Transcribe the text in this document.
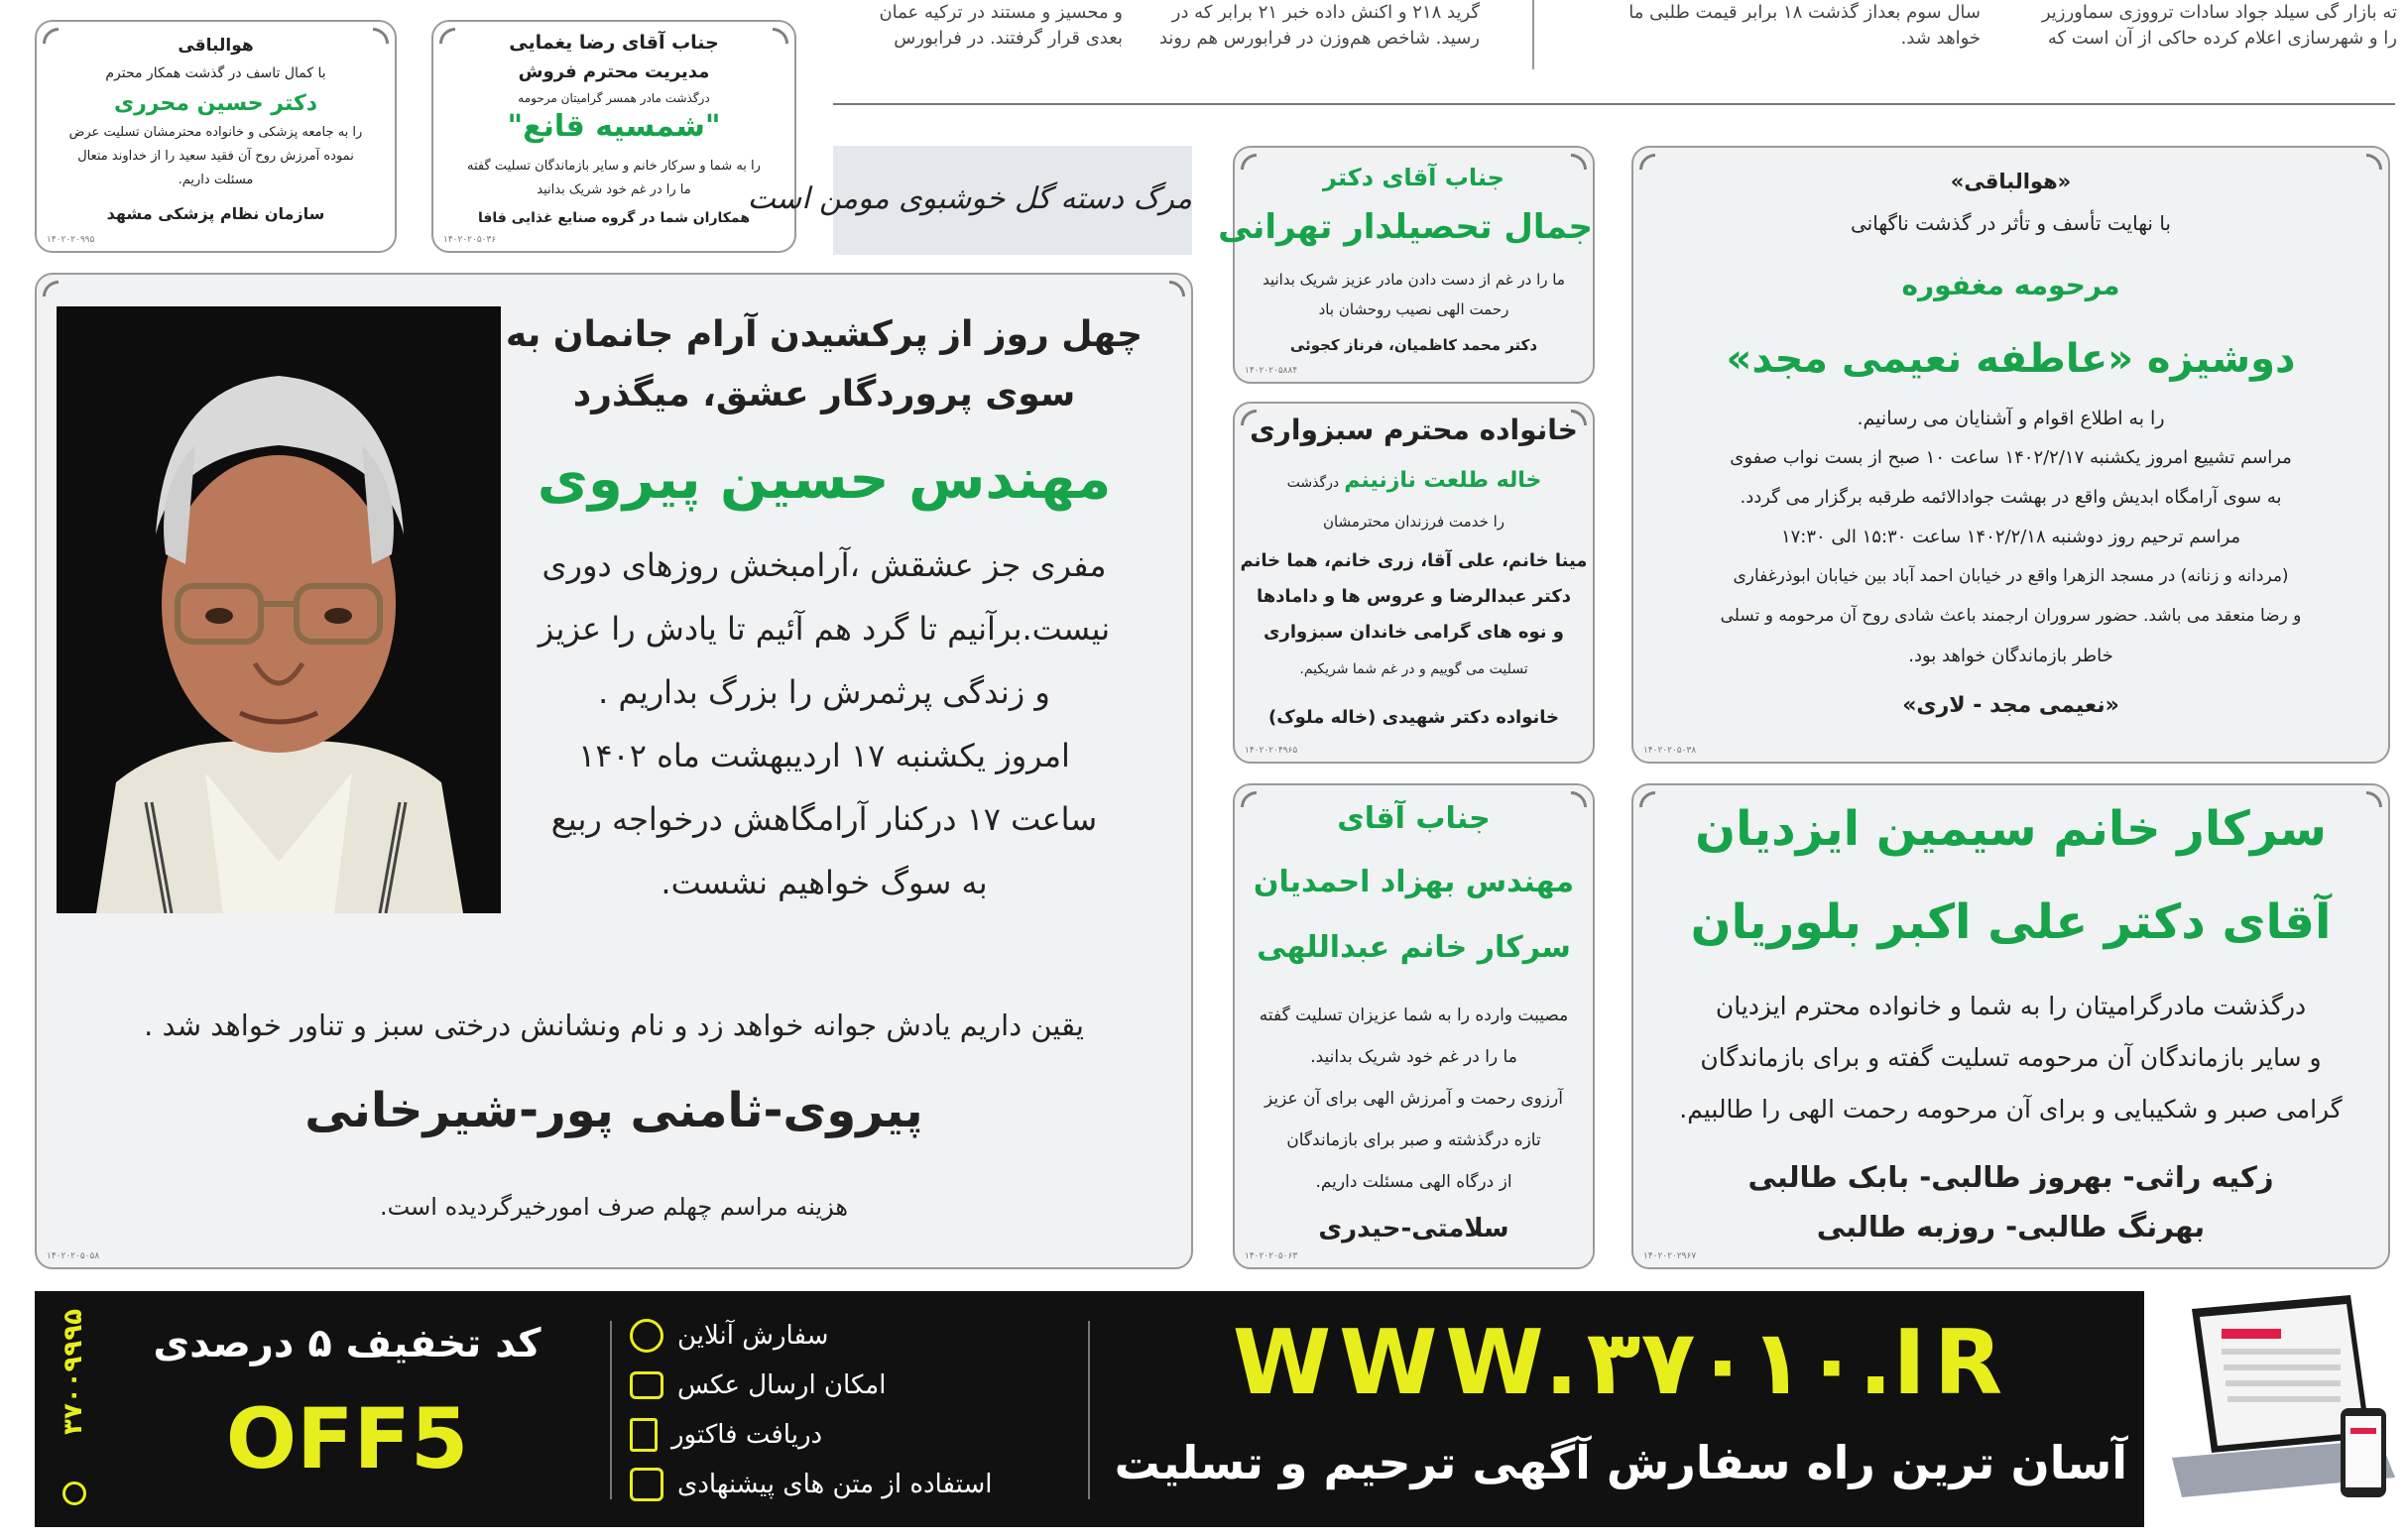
ته بازار گی سیلد جواد سادات ترووزی سماورزیر
را و شهرسازی اعلام کرده حاکی از آن است که
سال سوم بعداز گذشت ۱۸ برابر قیمت طلبی ما
خواهد شد.
گرید ۲۱۸ و اکنش داده خبر ۲۱ برابر که در
رسید. شاخص هم‌وزن در فرابورس هم روند
و محسیز و مستند در ترکیه عمان
بعدی قرار گرفتند. در فرابورس
هوالباقی
با کمال تاسف در گذشت همکار محترم
دکتر حسین محرری
را به جامعه پزشکی و خانواده محترمشان تسلیت عرض
نموده آمرزش روح آن فقید سعید را از خداوند متعال
مسئلت داریم.
سازمان نظام پزشکی مشهد
۱۴۰۲۰۲۰۹۹۵
جناب آقای رضا یغمایی
مدیریت محترم فروش
درگذشت مادر همسر گرامیتان مرحومه
"شمسیه قانع"
را به شما و سرکار خانم و سایر بازماندگان تسلیت گفته
ما را در غم خود شریک بدانید
همکاران شما در گروه صنایع غذایی فافا
۱۴۰۲۰۲۰۵۰۳۶
مرگ دسته گل خوشبوی مومن است
جناب آقای دکتر
جمال تحصیلدار تهرانی
ما را در غم از دست دادن مادر عزیز شریک بدانید
رحمت الهی نصیب روحشان باد
دکتر محمد کاظمیان، فرناز کجوئی
۱۴۰۲۰۲۰۵۸۸۴
خانواده محترم سبزواری
خاله طلعت نازنینم درگذشت
را خدمت فرزندان محترمشان
مینا خانم، علی آقا، زری خانم، هما خانم
دکتر عبدالرضا و عروس ها و دامادها
و نوه های گرامی خاندان سبزواری
تسلیت می گوییم و در غم شما شریکیم.
خانواده دکتر شهیدی (خاله ملوک)
۱۴۰۲۰۲۰۴۹۶۵
«هوالباقی»
با نهایت تأسف و تأثر در گذشت ناگهانی
مرحومه مغفوره
دوشیزه «عاطفه نعیمی مجد»
را به اطلاع اقوام و آشنایان می رسانیم.
مراسم تشییع امروز یکشنبه ۱۴۰۲/۲/۱۷ ساعت ۱۰ صبح از بست نواب صفوی
به سوی آرامگاه ابدیش واقع در بهشت جوادالائمه طرقبه برگزار می گردد.
مراسم ترحیم روز دوشنبه ۱۴۰۲/۲/۱۸ ساعت ۱۵:۳۰ الی ۱۷:۳۰
(مردانه و زنانه) در مسجد الزهرا واقع در خیابان احمد آباد بین خیابان ابوذرغفاری
و رضا منعقد می باشد. حضور سروران ارجمند باعث شادی روح آن مرحومه و تسلی
خاطر بازماندگان خواهد بود.
«نعیمی مجد - لاری»
۱۴۰۲۰۲۰۵۰۳۸
چهل روز از پرکشیدن آرام جانمان به
سوی پروردگار عشق، میگذرد
مهندس حسین پیروی
مفری جز عشقش ،آرامبخش روزهای دوری
نیست.برآنیم تا گرد هم آئیم تا یادش را عزیز
و زندگی پرثمرش را بزرگ بداریم .
امروز یکشنبه ۱۷ اردیبهشت ماه ۱۴۰۲
ساعت ۱۷ درکنار آرامگاهش درخواجه ربیع
به سوگ خواهیم نشست.
یقین داریم یادش جوانه خواهد زد و نام ونشانش درختی سبز و تناور خواهد شد .
پیروی-ثامنی پور-شیرخانی
هزینه مراسم چهلم صرف امورخیرگردیده است.
۱۴۰۲۰۲۰۵۰۵۸
جناب آقای
مهندس بهزاد احمدیان
سرکار خانم عبداللهی
مصیبت وارده را به شما عزیزان تسلیت گفته
ما را در غم خود شریک بدانید.
آرزوی رحمت و آمرزش الهی برای آن عزیز
تازه درگذشته و صبر برای بازماندگان
از درگاه الهی مسئلت داریم.
سلامتی-حیدری
۱۴۰۲۰۲۰۵۰۶۳
سرکار خانم سیمین ایزدیان
آقای دکتر علی اکبر بلوریان
درگذشت مادرگرامیتان را به شما و خانواده محترم ایزدیان
و سایر بازماندگان آن مرحومه تسلیت گفته و برای بازماندگان
گرامی صبر و شکیبایی و برای آن مرحومه رحمت الهی را طالبیم.
زکیه راثی- بهروز طالبی- بابک طالبی
بهرنگ طالبی- روزبه طالبی
۱۴۰۲۰۲۰۲۹۶۷
۳۷۰۰۹۹۹۵	کد تخفیف ۵ درصدی
OFF5
سفارش آنلاین
امکان ارسال عکس
دریافت فاکتور
استفاده از متن های پیشنهادی
WWW.۳۷۰۱۰.IR
آسان ترین راه سفارش آگهی ترحیم و تسلیت
